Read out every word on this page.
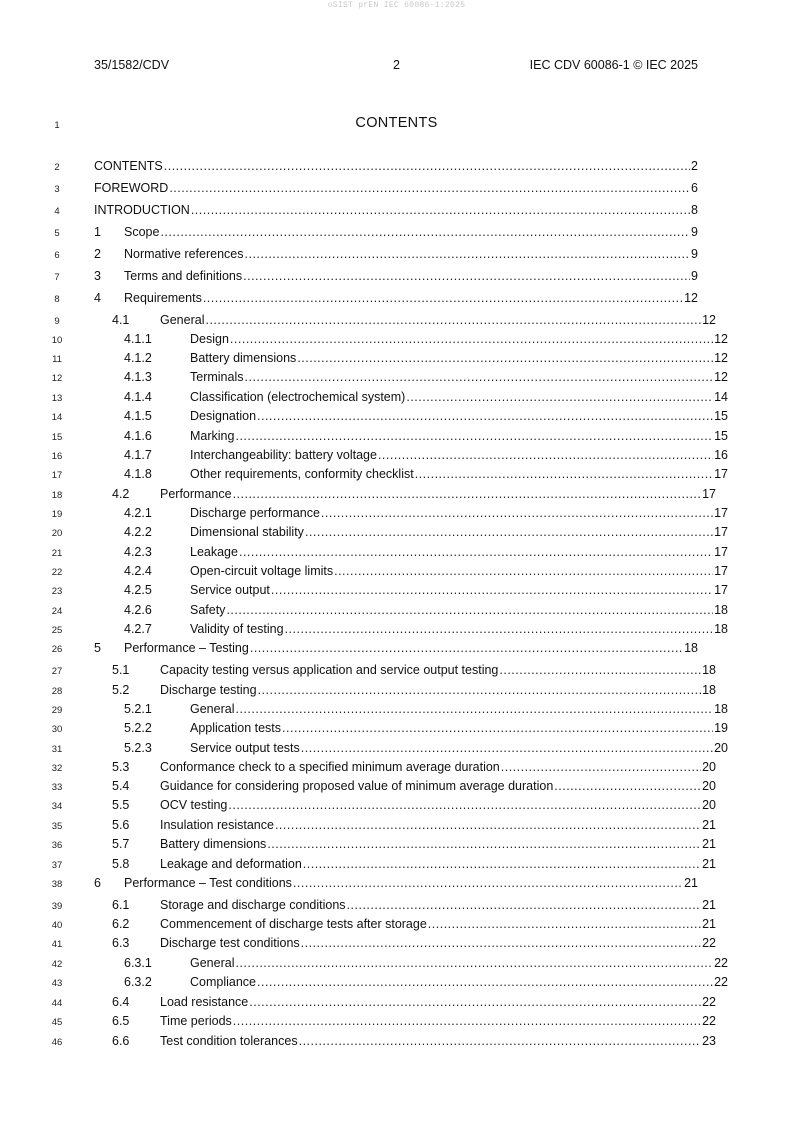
oSIST prEN IEC 60086-1:2025
35/1582/CDV	2	IEC CDV 60086-1 © IEC 2025
1	CONTENTS
2	CONTENTS .....	2
3	FOREWORD .....	6
4	INTRODUCTION .....	8
5	1	Scope .....	9
6	2	Normative references .....	9
7	3	Terms and definitions .....	9
8	4	Requirements .....	12
9	4.1	General .....	12
10	4.1.1	Design .....	12
11	4.1.2	Battery dimensions .....	12
12	4.1.3	Terminals .....	12
13	4.1.4	Classification (electrochemical system) .....	14
14	4.1.5	Designation .....	15
15	4.1.6	Marking .....	15
16	4.1.7	Interchangeability: battery voltage .....	16
17	4.1.8	Other requirements, conformity checklist .....	17
18	4.2	Performance .....	17
19	4.2.1	Discharge performance .....	17
20	4.2.2	Dimensional stability .....	17
21	4.2.3	Leakage .....	17
22	4.2.4	Open-circuit voltage limits .....	17
23	4.2.5	Service output .....	17
24	4.2.6	Safety .....	18
25	4.2.7	Validity of testing .....	18
26	5	Performance – Testing .....	18
27	5.1	Capacity testing versus application and service output testing .....	18
28	5.2	Discharge testing .....	18
29	5.2.1	General .....	18
30	5.2.2	Application tests .....	19
31	5.2.3	Service output tests .....	20
32	5.3	Conformance check to a specified minimum average duration .....	20
33	5.4	Guidance for considering proposed value of minimum average duration .....	20
34	5.5	OCV testing .....	20
35	5.6	Insulation resistance .....	21
36	5.7	Battery dimensions .....	21
37	5.8	Leakage and deformation .....	21
38	6	Performance – Test conditions .....	21
39	6.1	Storage and discharge conditions .....	21
40	6.2	Commencement of discharge tests after storage .....	21
41	6.3	Discharge test conditions .....	22
42	6.3.1	General .....	22
43	6.3.2	Compliance .....	22
44	6.4	Load resistance .....	22
45	6.5	Time periods .....	22
46	6.6	Test condition tolerances .....	23
